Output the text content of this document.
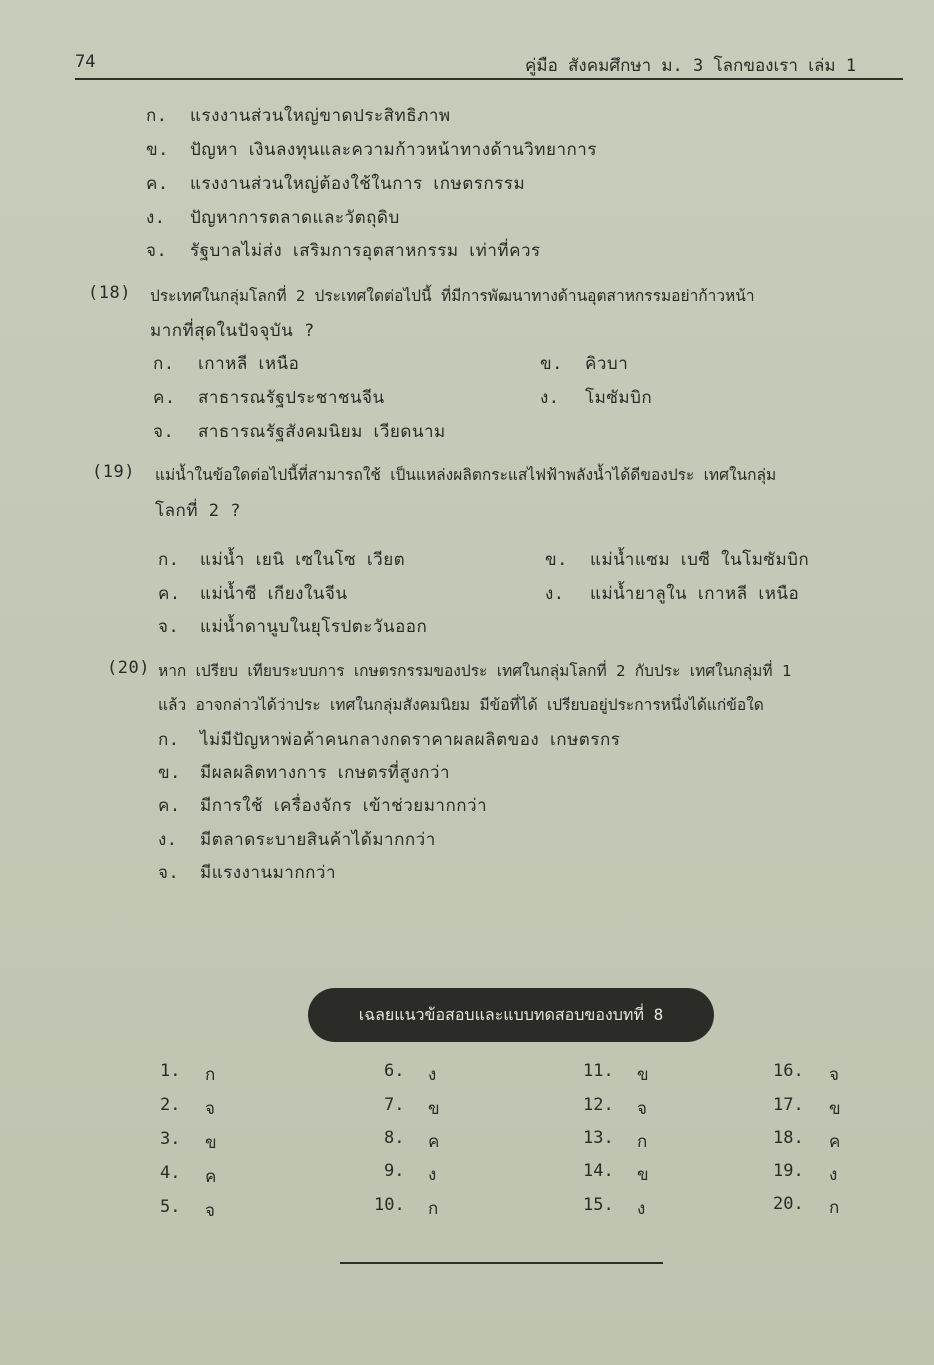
74	คู่มือ สังคมศึกษา ม. 3 โลกของเรา เล่ม 1
ก. แรงงานส่วนใหญ่ขาดประสิทธิภาพ
ข. ปัญหา เงินลงทุนและความก้าวหน้าทางด้านวิทยาการ
ค. แรงงานส่วนใหญ่ต้องใช้ในการ เกษตรกรรม
ง. ปัญหาการตลาดและวัตถุดิบ
จ. รัฐบาลไม่ส่ง เสริมการอุตสาหกรรม เท่าที่ควร
(18) ประเทศในกลุ่มโลกที่ 2 ประเทศใดต่อไปนี้ ที่มีการพัฒนาทางด้านอุตสาหกรรมอย่าก้าวหน้า
มากที่สุดในปัจจุบัน ?
ก. เกาหลี เหนือ	ข. คิวบา
ค. สาธารณรัฐประชาชนจีน	ง. โมซัมบิก
จ. สาธารณรัฐสังคมนิยม เวียดนาม
(19) แม่น้ำในข้อใดต่อไปนี้ที่สามารถใช้ เป็นแหล่งผลิตกระแสไฟฟ้าพลังน้ำได้ดีของประ เทศในกลุ่ม
โลกที่ 2 ?
ก. แม่น้ำ เยนิ เซในโซ เวียต	ข. แม่น้ำแซม เบซี ในโมซัมบิก
ค. แม่น้ำซี เกียงในจีน	ง. แม่น้ำยาลูใน เกาหลี เหนือ
จ. แม่น้ำดานูบในยุโรปตะวันออก
(20) หาก เปรียบ เทียบระบบการ เกษตรกรรมของประ เทศในกลุ่มโลกที่ 2 กับประ เทศในกลุ่มที่ 1
แล้ว อาจกล่าวได้ว่าประ เทศในกลุ่มสังคมนิยม มีข้อที่ได้ เปรียบอยู่ประการหนึ่งได้แก่ข้อใด
ก. ไม่มีปัญหาพ่อค้าคนกลางกดราคาผลผลิตของ เกษตรกร
ข. มีผลผลิตทางการ เกษตรที่สูงกว่า
ค. มีการใช้ เครื่องจักร เข้าช่วยมากกว่า
ง. มีตลาดระบายสินค้าได้มากกว่า
จ. มีแรงงานมากกว่า
เฉลยแนวข้อสอบและแบบทดสอบของบทที่ 8
1. ก
2. จ
3. ข
4. ค
5. จ
6. ง
7. ข
8. ค
9. ง
10. ก
11. ข
12. จ
13. ก
14. ข
15. ง
16. จ
17. ข
18. ค
19. ง
20. ก
